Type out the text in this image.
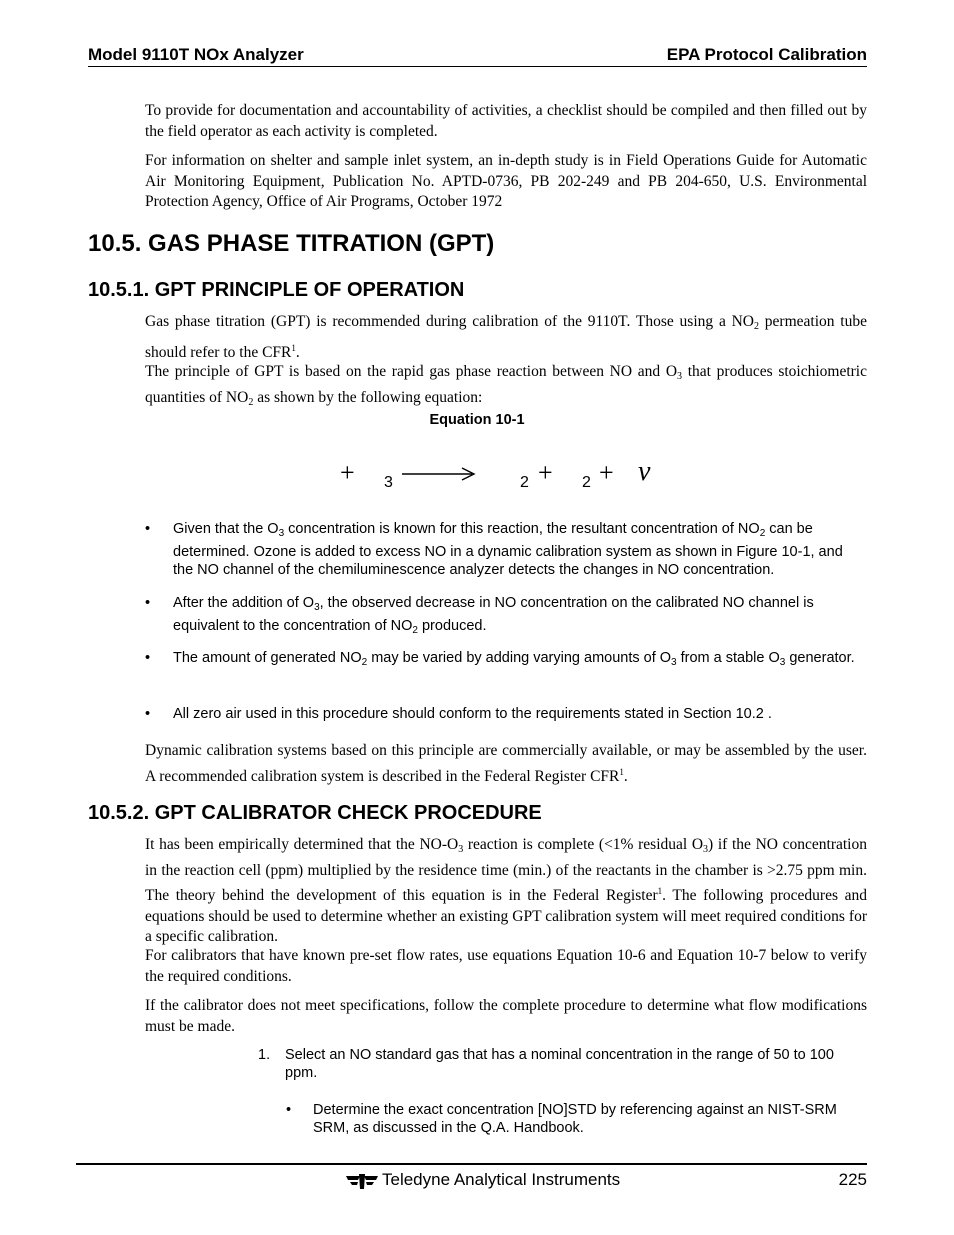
Model 9110T NOx Analyzer	EPA Protocol Calibration
To provide for documentation and accountability of activities, a checklist should be compiled and then filled out by the field operator as each activity is completed.
For information on shelter and sample inlet system, an in-depth study is in Field Operations Guide for Automatic Air Monitoring Equipment, Publication No. APTD-0736, PB 202-249 and PB 204-650, U.S. Environmental Protection Agency, Office of Air Programs, October 1972
10.5. GAS PHASE TITRATION (GPT)
10.5.1. GPT PRINCIPLE OF OPERATION
Gas phase titration (GPT) is recommended during calibration of the 9110T. Those using a $NO_2$ permeation tube should refer to the CFR$^1$.
The principle of GPT is based on the rapid gas phase reaction between NO and $O_3$ that produces stoichiometric quantities of $NO_2$ as shown by the following equation:
Equation 10-1
+ 3	2 + 2 + ν
• Given that the $O_3$ concentration is known for this reaction, the resultant concentration of $NO_2$ can be determined. Ozone is added to excess NO in a dynamic calibration system as shown in Figure 10-1, and the NO channel of the chemiluminescence analyzer detects the changes in NO concentration.
• After the addition of $O_3$, the observed decrease in NO concentration on the calibrated NO channel is equivalent to the concentration of $NO_2$ produced.
• The amount of generated $NO_2$ may be varied by adding varying amounts of $O_3$ from a stable $O_3$ generator.
• All zero air used in this procedure should conform to the requirements stated in Section 10.2 .
Dynamic calibration systems based on this principle are commercially available, or may be assembled by the user. A recommended calibration system is described in the Federal Register CFR$^1$.
10.5.2. GPT CALIBRATOR CHECK PROCEDURE
It has been empirically determined that the $NO-O_3$ reaction is complete (<1% residual $O_3$) if the NO concentration in the reaction cell (ppm) multiplied by the residence time (min.) of the reactants in the chamber is >2.75 ppm min. The theory behind the development of this equation is in the Federal Register$^1$. The following procedures and equations should be used to determine whether an existing GPT calibration system will meet required conditions for a specific calibration.
For calibrators that have known pre-set flow rates, use equations Equation 10-6 and Equation 10-7 below to verify the required conditions.
If the calibrator does not meet specifications, follow the complete procedure to determine what flow modifications must be made.
1. Select an NO standard gas that has a nominal concentration in the range of 50 to 100 ppm.
• Determine the exact concentration [NO]STD by referencing against an NIST-SRM SRM, as discussed in the Q.A. Handbook.
Teledyne Analytical Instruments	225
